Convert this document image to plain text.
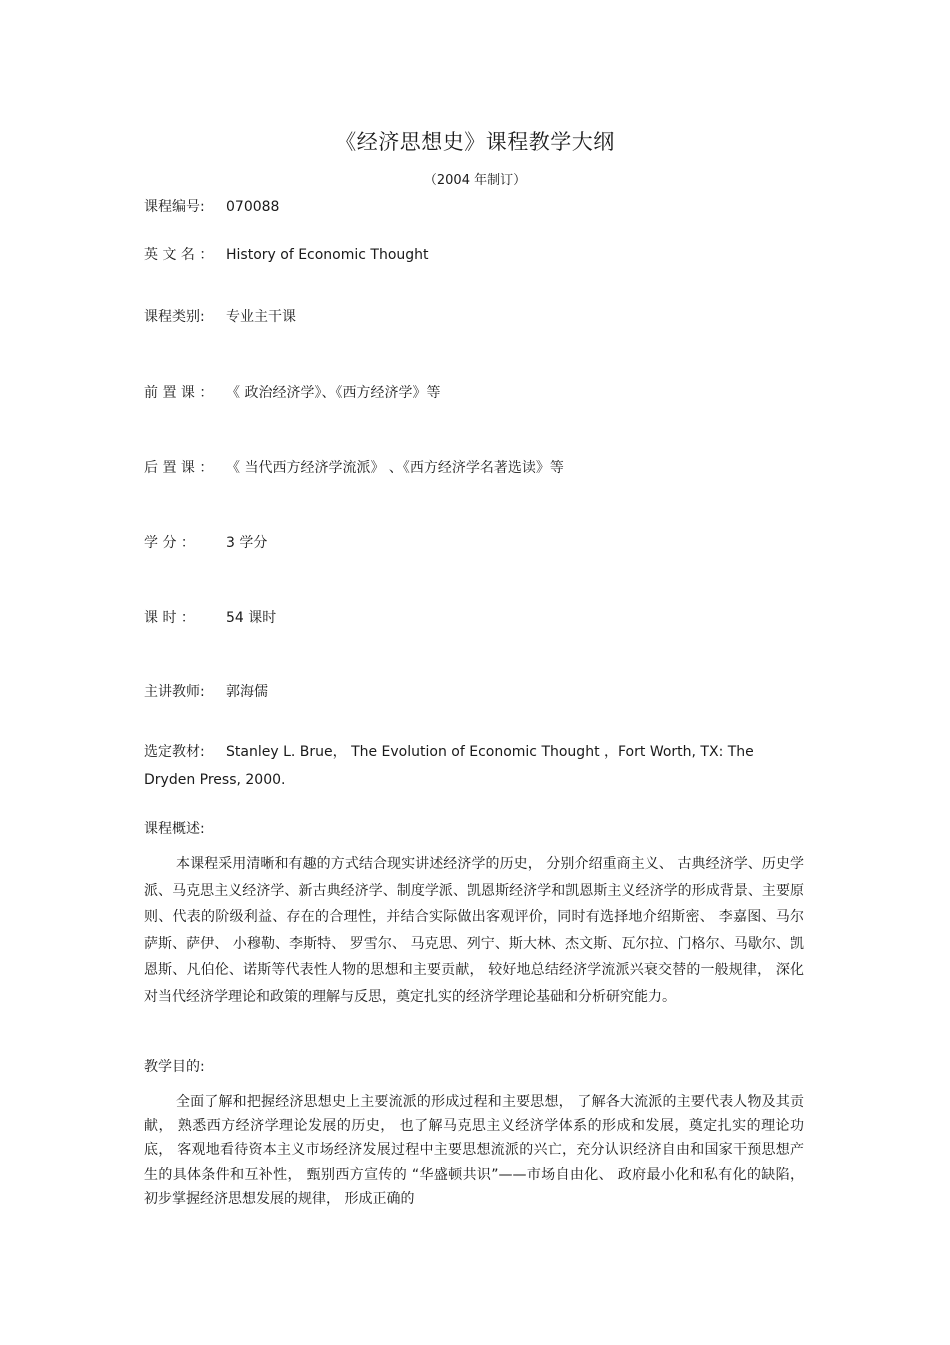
《经济思想史》课程教学大纲
（2004 年制订）
课程编号: 070088
英 文 名 ： History of Economic Thought
课程类别: 专业主干课
前 置 课 ： 《 政治经济学》、《西方经济学》等
后 置 课 ： 《 当代西方经济学流派》 、《西方经济学名著选读》等
学 分 ： 3 学分
课 时 ： 54 课时
主讲教师: 郭海儒
选定教材: Stanley L. Brue， The Evolution of Economic Thought ，Fort Worth, TX: The Dryden Press, 2000.
课程概述:
本课程采用清晰和有趣的方式结合现实讲述经济学的历史， 分别介绍重商主义、 古典经济学、历史学派、马克思主义经济学、新古典经济学、制度学派、凯恩斯经济学和凯恩斯主义经济学的形成背景、主要原则、代表的阶级利益、存在的合理性，并结合实际做出客观评价，同时有选择地介绍斯密、 李嘉图、马尔萨斯、萨伊、 小穆勒、李斯特、 罗雪尔、 马克思、列宁、斯大林、杰文斯、瓦尔拉、门格尔、马歇尔、凯恩斯、凡伯伦、诺斯等代表性人物的思想和主要贡献， 较好地总结经济学流派兴衰交替的一般规律， 深化对当代经济学理论和政策的理解与反思，奠定扎实的经济学理论基础和分析研究能力。
教学目的:
全面了解和把握经济思想史上主要流派的形成过程和主要思想， 了解各大流派的主要代表人物及其贡献， 熟悉西方经济学理论发展的历史， 也了解马克思主义经济学体系的形成和发展，奠定扎实的理论功底， 客观地看待资本主义市场经济发展过程中主要思想流派的兴亡，充分认识经济自由和国家干预思想产生的具体条件和互补性， 甄别西方宣传的 “华盛顿共识”——市场自由化、 政府最小化和私有化的缺陷， 初步掌握经济思想发展的规律， 形成正确的
